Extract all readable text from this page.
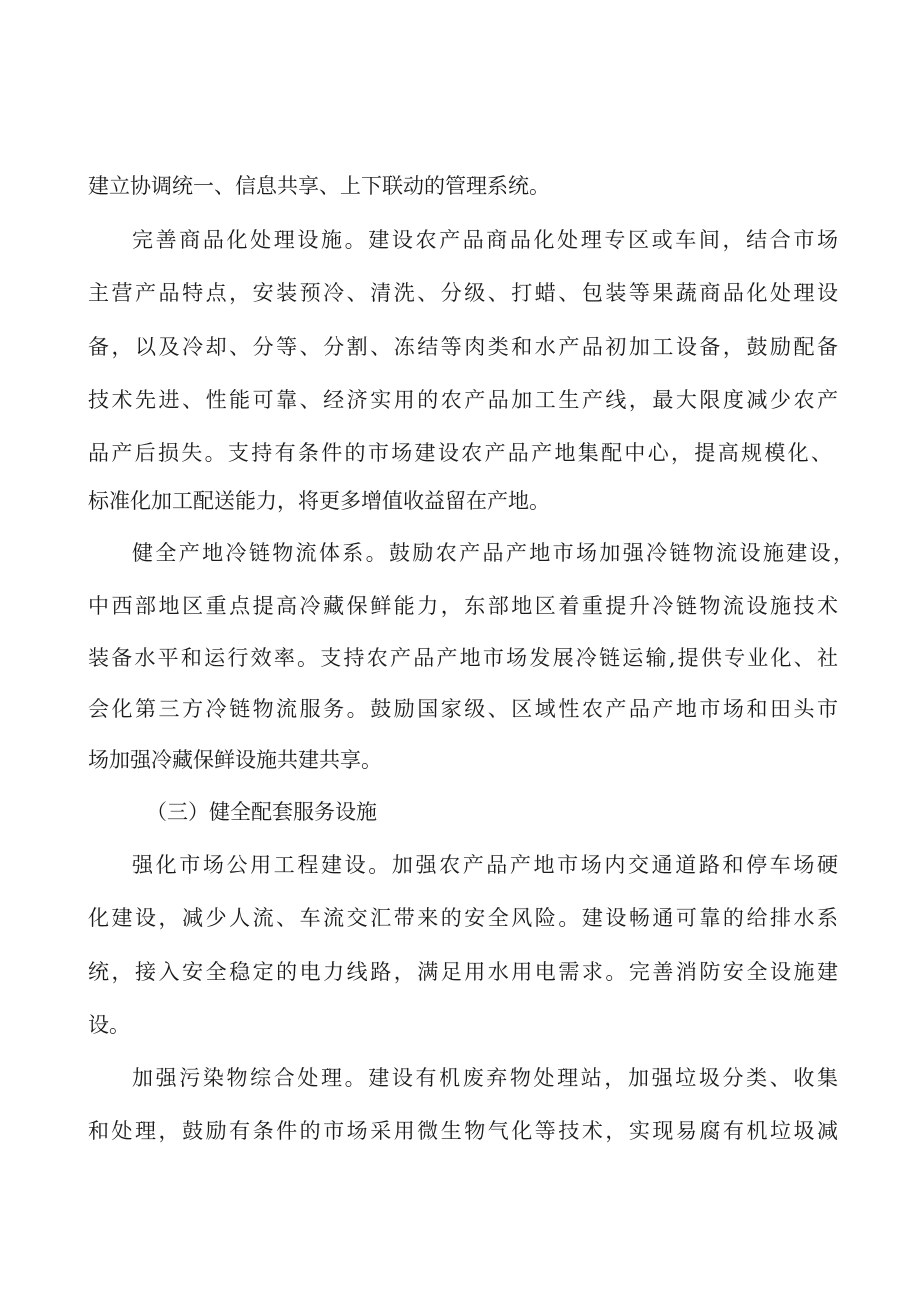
建立协调统一、信息共享、上下联动的管理系统。

完善商品化处理设施。建设农产品商品化处理专区或车间，结合市场

主营产品特点，安装预冷、清洗、分级、打蜡、包装等果蔬商品化处理设

备，以及冷却、分等、分割、冻结等肉类和水产品初加工设备，鼓励配备

技术先进、性能可靠、经济实用的农产品加工生产线，最大限度减少农产

品产后损失。支持有条件的市场建设农产品产地集配中心，提高规模化、

标准化加工配送能力，将更多增值收益留在产地。

健全产地冷链物流体系。鼓励农产品产地市场加强冷链物流设施建设，

中西部地区重点提高冷藏保鲜能力，东部地区着重提升冷链物流设施技术

装备水平和运行效率。支持农产品产地市场发展冷链运输,提供专业化、社

会化第三方冷链物流服务。鼓励国家级、区域性农产品产地市场和田头市

场加强冷藏保鲜设施共建共享。

（三）健全配套服务设施

强化市场公用工程建设。加强农产品产地市场内交通道路和停车场硬

化建设，减少人流、车流交汇带来的安全风险。建设畅通可靠的给排水系

统，接入安全稳定的电力线路，满足用水用电需求。完善消防安全设施建

设。

加强污染物综合处理。建设有机废弃物处理站，加强垃圾分类、收集

和处理，鼓励有条件的市场采用微生物气化等技术，实现易腐有机垃圾减
